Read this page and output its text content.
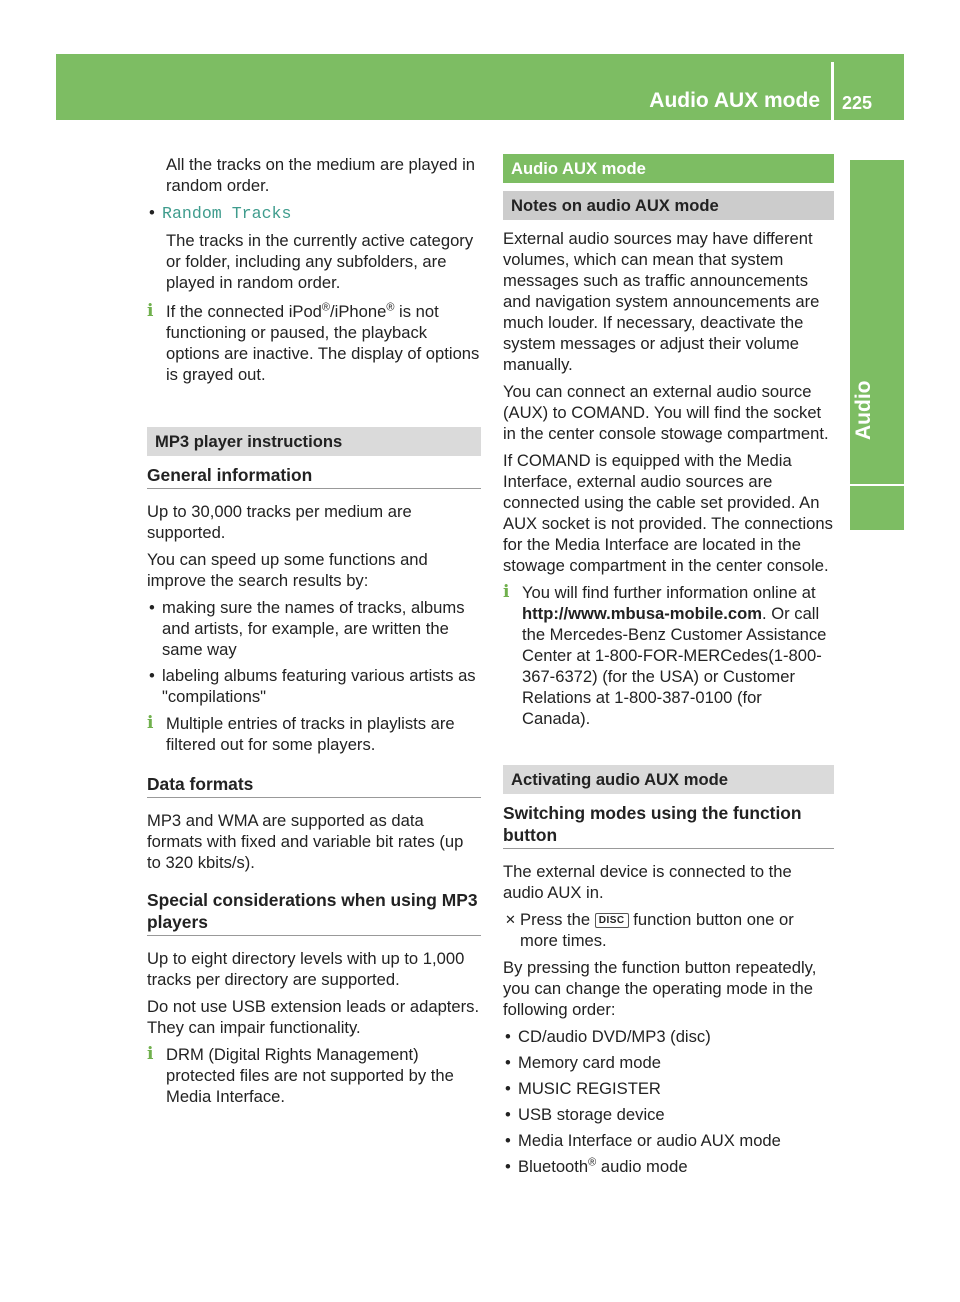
Audio AUX mode 225
Audio

All the tracks on the medium are played in random order.

• Random Tracks

The tracks in the currently active category or folder, including any subfolders, are played in random order.

i If the connected iPod®/iPhone® is not functioning or paused, the playback options are inactive. The display of options is grayed out.
MP3 player instructions
General information

Up to 30,000 tracks per medium are supported.

You can speed up some functions and improve the search results by:

• making sure the names of tracks, albums and artists, for example, are written the same way
• labeling albums featuring various artists as "compilations"
i Multiple entries of tracks in playlists are filtered out for some players.
Data formats

MP3 and WMA are supported as data formats with fixed and variable bit rates (up to 320 kbits/s).

Special considerations when using MP3 players

Up to eight directory levels with up to 1,000 tracks per directory are supported.

Do not use USB extension leads or adapters. They can impair functionality.

i DRM (Digital Rights Management) protected files are not supported by the Media Interface.
Audio AUX mode
Notes on audio AUX mode

External audio sources may have different volumes, which can mean that system messages such as traffic announcements and navigation system announcements are much louder. If necessary, deactivate the system messages or adjust their volume manually.

You can connect an external audio source (AUX) to COMAND. You will find the socket in the center console stowage compartment.

If COMAND is equipped with the Media Interface, external audio sources are connected using the cable set provided. An AUX socket is not provided. The connections for the Media Interface are located in the stowage compartment in the center console.

i You will find further information online at http://www.mbusa-mobile.com. Or call the Mercedes-Benz Customer Assistance Center at 1-800-FOR-MERCedes(1-800-367-6372) (for the USA) or Customer Relations at 1-800-387-0100 (for Canada).
Activating audio AUX mode
Switching modes using the function button

The external device is connected to the audio AUX in.

✕ Press the DISC function button one or more times.

By pressing the function button repeatedly, you can change the operating mode in the following order:

• CD/audio DVD/MP3 (disc)
• Memory card mode
• MUSIC REGISTER
• USB storage device
• Media Interface or audio AUX mode
• Bluetooth® audio mode
